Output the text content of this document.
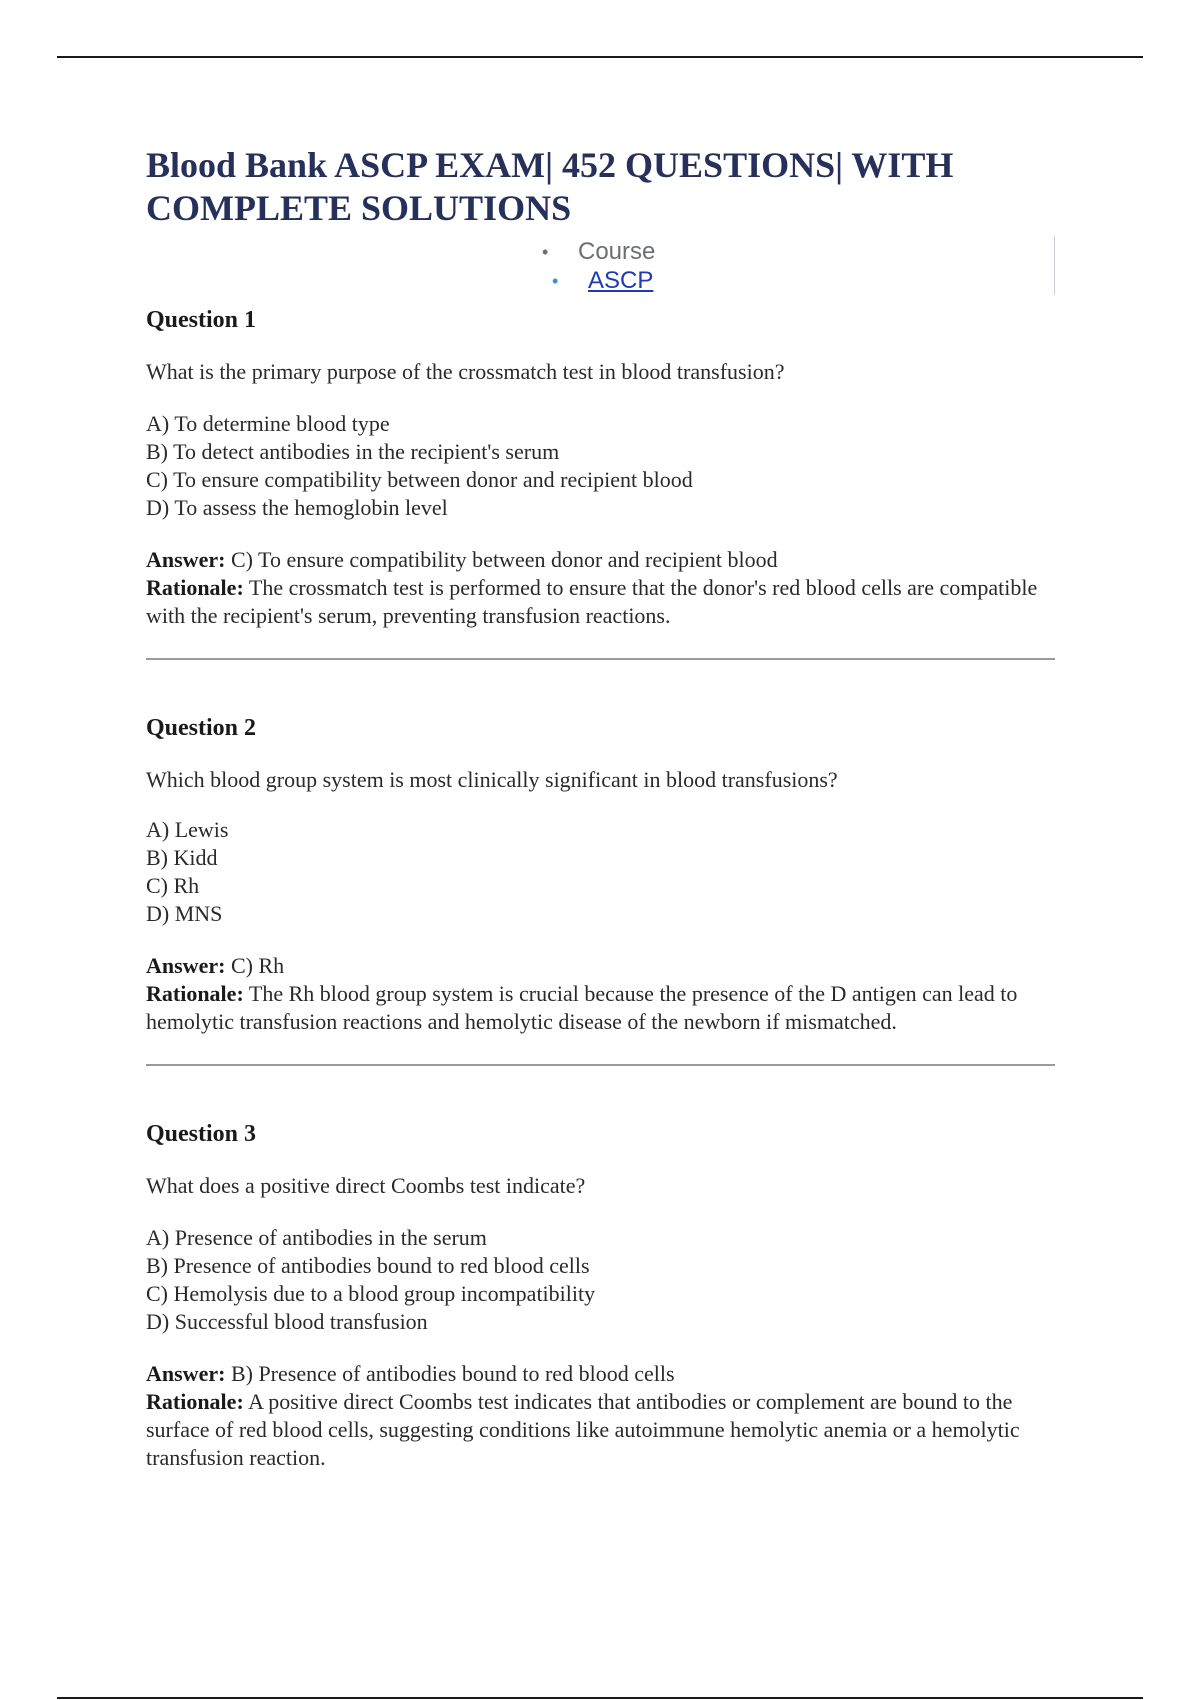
Blood Bank ASCP EXAM| 452 QUESTIONS| WITH COMPLETE SOLUTIONS
• Course
• ASCP

Question 1

What is the primary purpose of the crossmatch test in blood transfusion?

A) To determine blood type
B) To detect antibodies in the recipient's serum
C) To ensure compatibility between donor and recipient blood
D) To assess the hemoglobin level

Answer: C) To ensure compatibility between donor and recipient blood

Rationale: The crossmatch test is performed to ensure that the donor's red blood cells are compatible with the recipient's serum, preventing transfusion reactions.

Question 2

Which blood group system is most clinically significant in blood transfusions?

A) Lewis
B) Kidd
C) Rh
D) MNS

Answer: C) Rh

Rationale: The Rh blood group system is crucial because the presence of the D antigen can lead to hemolytic transfusion reactions and hemolytic disease of the newborn if mismatched.

Question 3

What does a positive direct Coombs test indicate?

A) Presence of antibodies in the serum
B) Presence of antibodies bound to red blood cells
C) Hemolysis due to a blood group incompatibility
D) Successful blood transfusion

Answer: B) Presence of antibodies bound to red blood cells

Rationale: A positive direct Coombs test indicates that antibodies or complement are bound to the surface of red blood cells, suggesting conditions like autoimmune hemolytic anemia or a hemolytic transfusion reaction.
